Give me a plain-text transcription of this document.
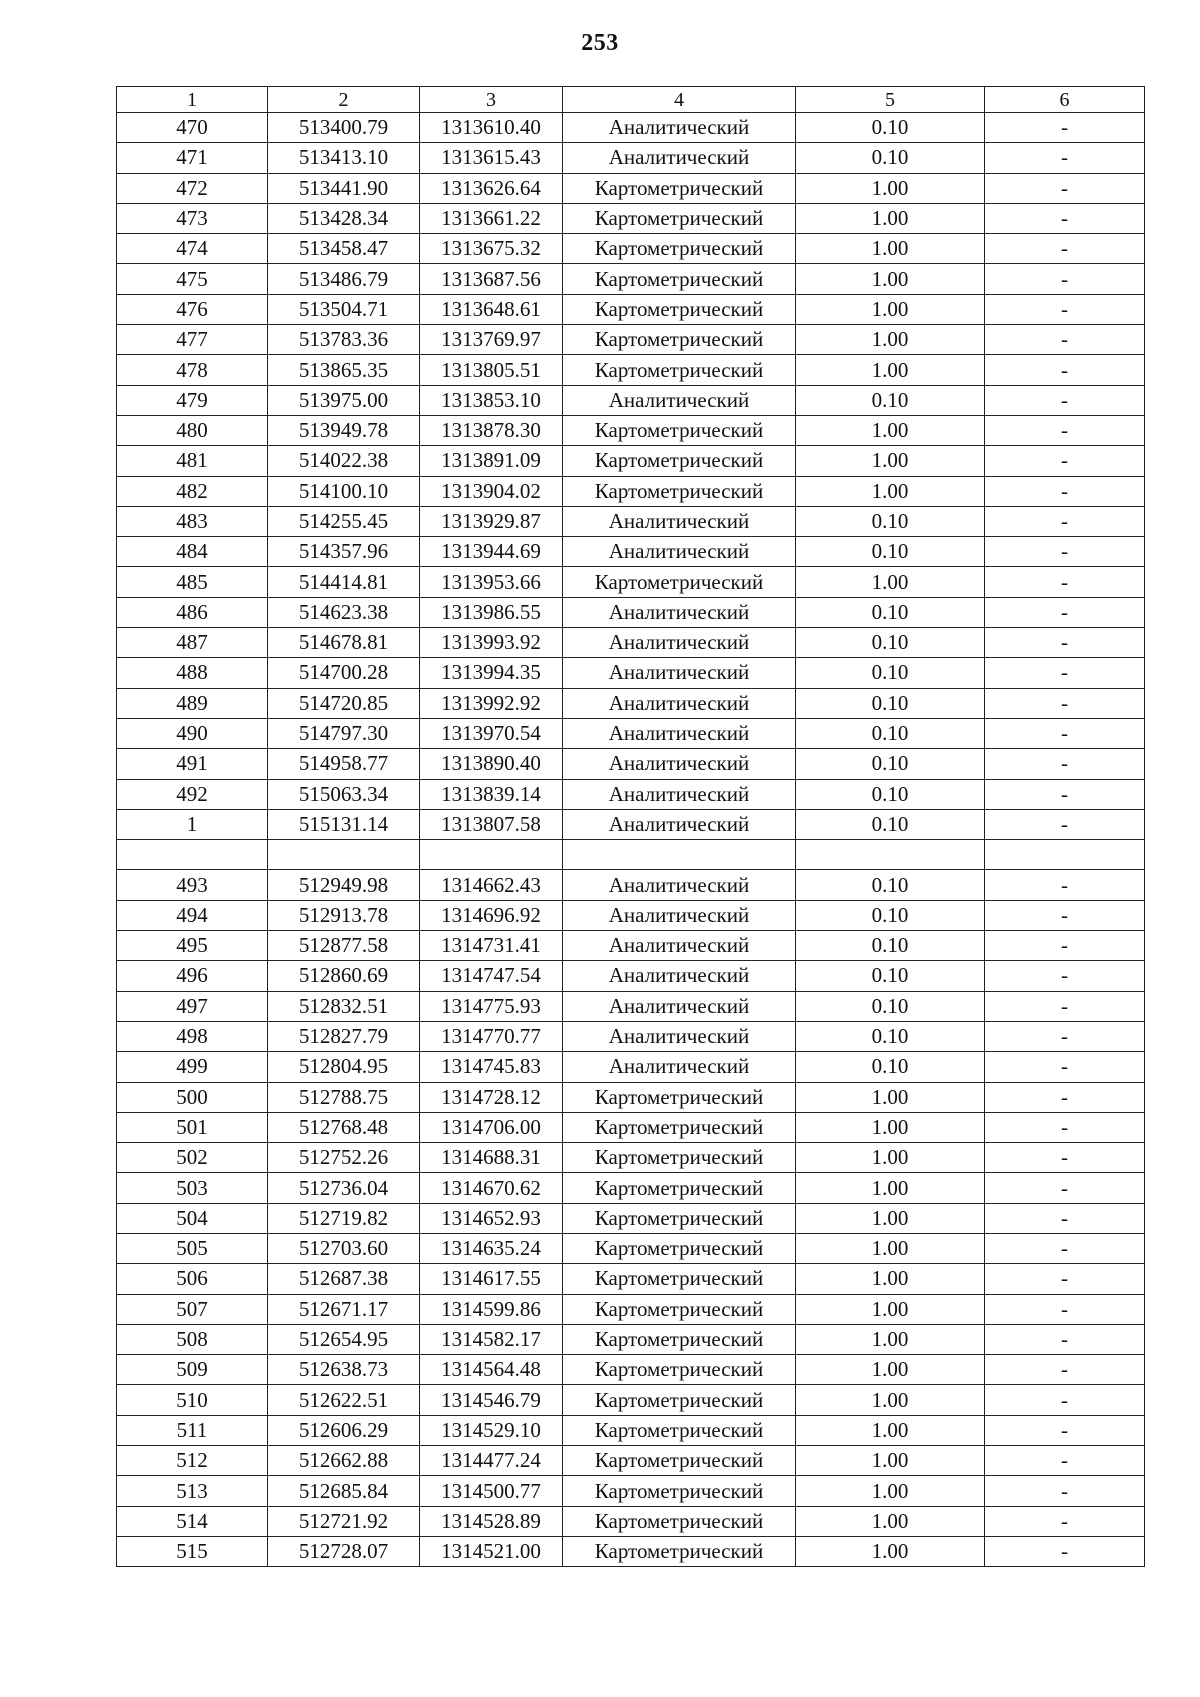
253
1	2	3	4	5	6
470	513400.79	1313610.40	Аналитический	0.10	-
471	513413.10	1313615.43	Аналитический	0.10	-
472	513441.90	1313626.64	Картометрический	1.00	-
473	513428.34	1313661.22	Картометрический	1.00	-
474	513458.47	1313675.32	Картометрический	1.00	-
475	513486.79	1313687.56	Картометрический	1.00	-
476	513504.71	1313648.61	Картометрический	1.00	-
477	513783.36	1313769.97	Картометрический	1.00	-
478	513865.35	1313805.51	Картометрический	1.00	-
479	513975.00	1313853.10	Аналитический	0.10	-
480	513949.78	1313878.30	Картометрический	1.00	-
481	514022.38	1313891.09	Картометрический	1.00	-
482	514100.10	1313904.02	Картометрический	1.00	-
483	514255.45	1313929.87	Аналитический	0.10	-
484	514357.96	1313944.69	Аналитический	0.10	-
485	514414.81	1313953.66	Картометрический	1.00	-
486	514623.38	1313986.55	Аналитический	0.10	-
487	514678.81	1313993.92	Аналитический	0.10	-
488	514700.28	1313994.35	Аналитический	0.10	-
489	514720.85	1313992.92	Аналитический	0.10	-
490	514797.30	1313970.54	Аналитический	0.10	-
491	514958.77	1313890.40	Аналитический	0.10	-
492	515063.34	1313839.14	Аналитический	0.10	-
1	515131.14	1313807.58	Аналитический	0.10	-

493	512949.98	1314662.43	Аналитический	0.10	-
494	512913.78	1314696.92	Аналитический	0.10	-
495	512877.58	1314731.41	Аналитический	0.10	-
496	512860.69	1314747.54	Аналитический	0.10	-
497	512832.51	1314775.93	Аналитический	0.10	-
498	512827.79	1314770.77	Аналитический	0.10	-
499	512804.95	1314745.83	Аналитический	0.10	-
500	512788.75	1314728.12	Картометрический	1.00	-
501	512768.48	1314706.00	Картометрический	1.00	-
502	512752.26	1314688.31	Картометрический	1.00	-
503	512736.04	1314670.62	Картометрический	1.00	-
504	512719.82	1314652.93	Картометрический	1.00	-
505	512703.60	1314635.24	Картометрический	1.00	-
506	512687.38	1314617.55	Картометрический	1.00	-
507	512671.17	1314599.86	Картометрический	1.00	-
508	512654.95	1314582.17	Картометрический	1.00	-
509	512638.73	1314564.48	Картометрический	1.00	-
510	512622.51	1314546.79	Картометрический	1.00	-
511	512606.29	1314529.10	Картометрический	1.00	-
512	512662.88	1314477.24	Картометрический	1.00	-
513	512685.84	1314500.77	Картометрический	1.00	-
514	512721.92	1314528.89	Картометрический	1.00	-
515	512728.07	1314521.00	Картометрический	1.00	-
